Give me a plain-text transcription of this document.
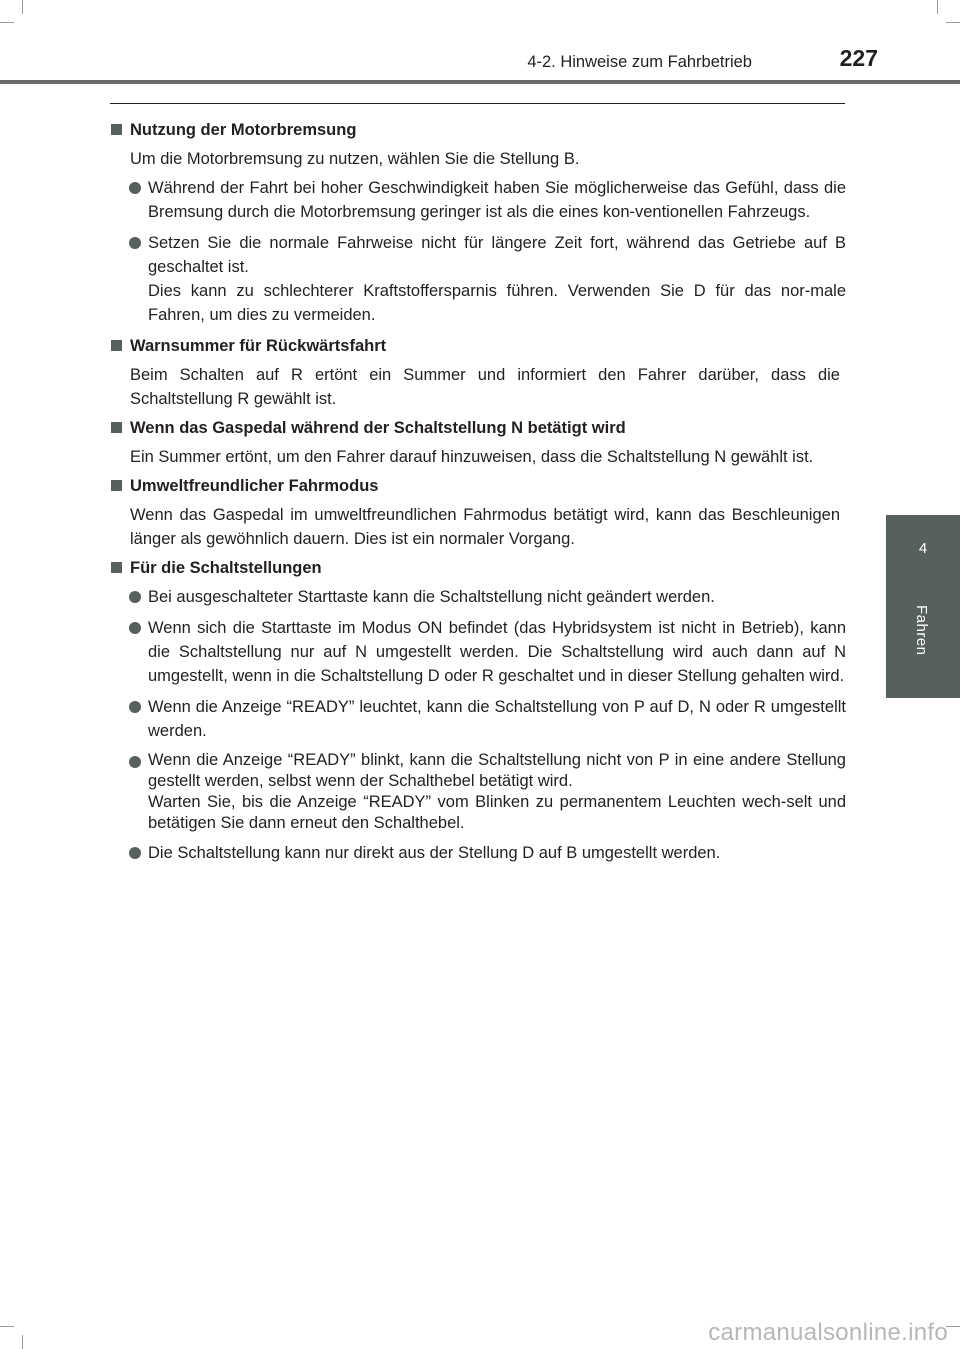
4-2. Hinweise zum Fahrbetrieb	227
4
Fahren
Nutzung der Motorbremsung
Um die Motorbremsung zu nutzen, wählen Sie die Stellung B.
Während der Fahrt bei hoher Geschwindigkeit haben Sie möglicherweise das Gefühl, dass die Bremsung durch die Motorbremsung geringer ist als die eines kon-ventionellen Fahrzeugs.
Setzen Sie die normale Fahrweise nicht für längere Zeit fort, während das Getriebe auf B geschaltet ist.
Dies kann zu schlechterer Kraftstoffersparnis führen. Verwenden Sie D für das nor-male Fahren, um dies zu vermeiden.
Warnsummer für Rückwärtsfahrt
Beim Schalten auf R ertönt ein Summer und informiert den Fahrer darüber, dass die Schaltstellung R gewählt ist.
Wenn das Gaspedal während der Schaltstellung N betätigt wird
Ein Summer ertönt, um den Fahrer darauf hinzuweisen, dass die Schaltstellung N gewählt ist.
Umweltfreundlicher Fahrmodus
Wenn das Gaspedal im umweltfreundlichen Fahrmodus betätigt wird, kann das Beschleunigen länger als gewöhnlich dauern. Dies ist ein normaler Vorgang.
Für die Schaltstellungen
Bei ausgeschalteter Starttaste kann die Schaltstellung nicht geändert werden.
Wenn sich die Starttaste im Modus ON befindet (das Hybridsystem ist nicht in Betrieb), kann die Schaltstellung nur auf N umgestellt werden. Die Schaltstellung wird auch dann auf N umgestellt, wenn in die Schaltstellung D oder R geschaltet und in dieser Stellung gehalten wird.
Wenn die Anzeige “READY” leuchtet, kann die Schaltstellung von P auf D, N oder R umgestellt werden.
Wenn die Anzeige “READY” blinkt, kann die Schaltstellung nicht von P in eine andere Stellung gestellt werden, selbst wenn der Schalthebel betätigt wird.
Warten Sie, bis die Anzeige “READY” vom Blinken zu permanentem Leuchten wech-selt und betätigen Sie dann erneut den Schalthebel.
Die Schaltstellung kann nur direkt aus der Stellung D auf B umgestellt werden.
carmanualsonline.info
